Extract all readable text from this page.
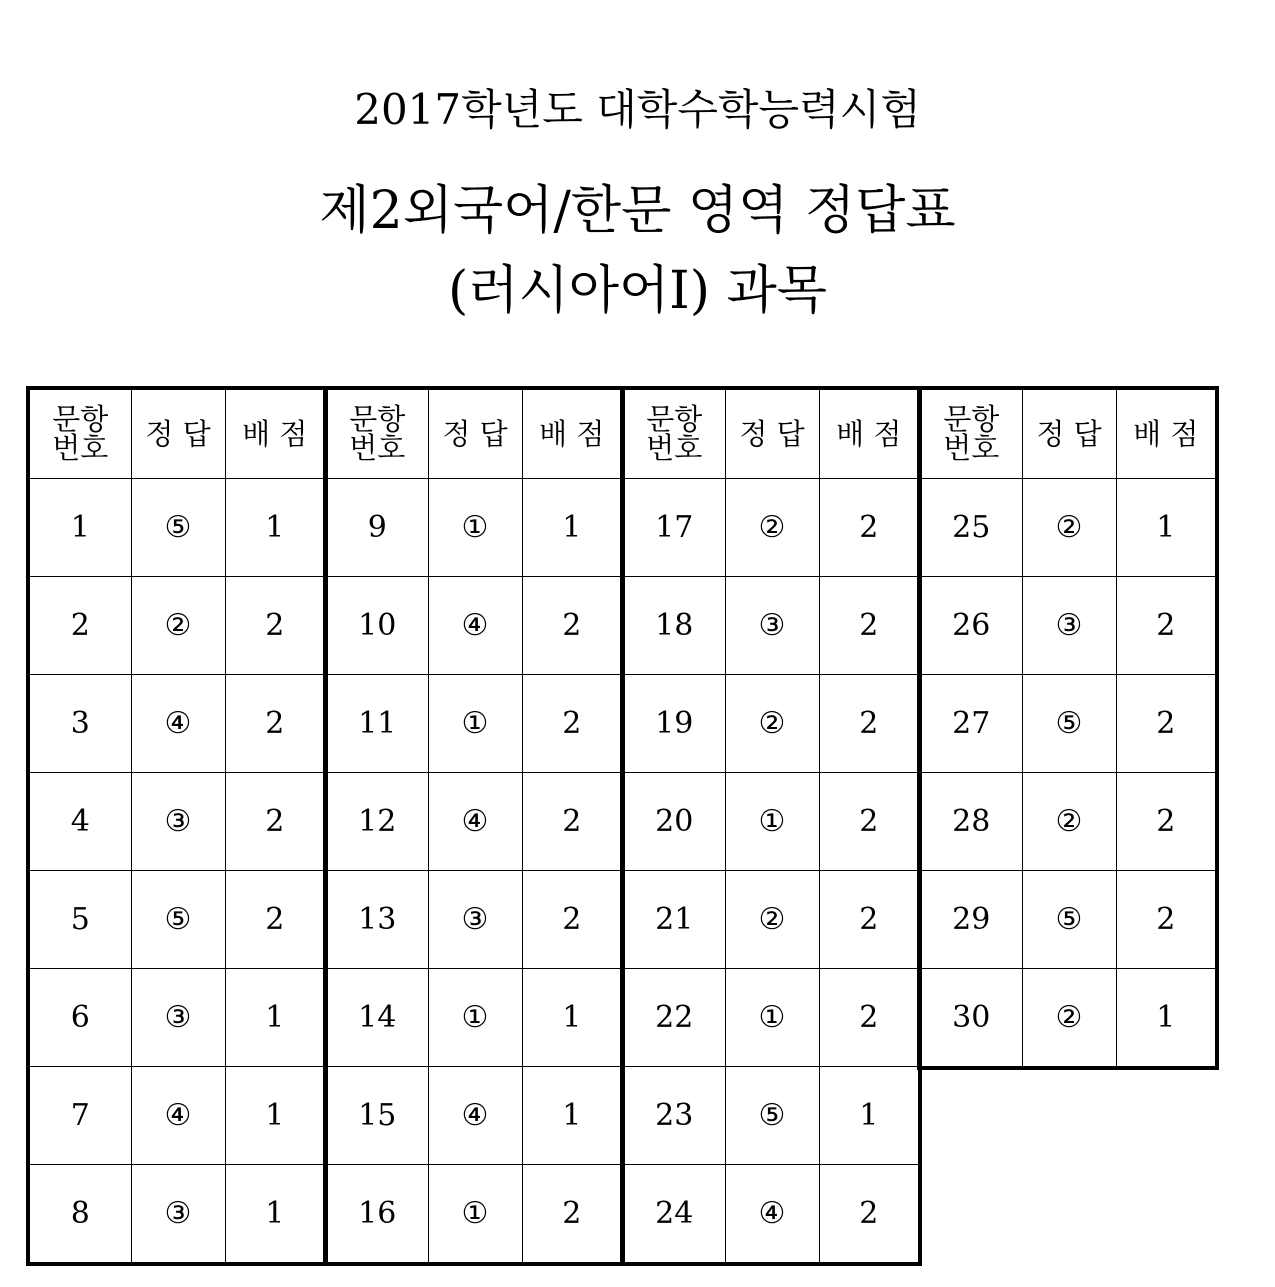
2017학년도 대학수학능력시험
제2외국어/한문 영역 정답표
(러시아어Ⅰ) 과목
문항
번호	정 답	배 점
1	⑤	1
2	②	2
3	④	2
4	③	2
5	⑤	2
6	③	1
7	④	1
8	③	1
문항
번호	정 답	배 점
9	①	1
10	④	2
11	①	2
12	④	2
13	③	2
14	①	1
15	④	1
16	①	2
문항
번호	정 답	배 점
17	②	2
18	③	2
19	②	2
20	①	2
21	②	2
22	①	2
23	⑤	1
24	④	2
문항
번호	정 답	배 점
25	②	1
26	③	2
27	⑤	2
28	②	2
29	⑤	2
30	②	1
